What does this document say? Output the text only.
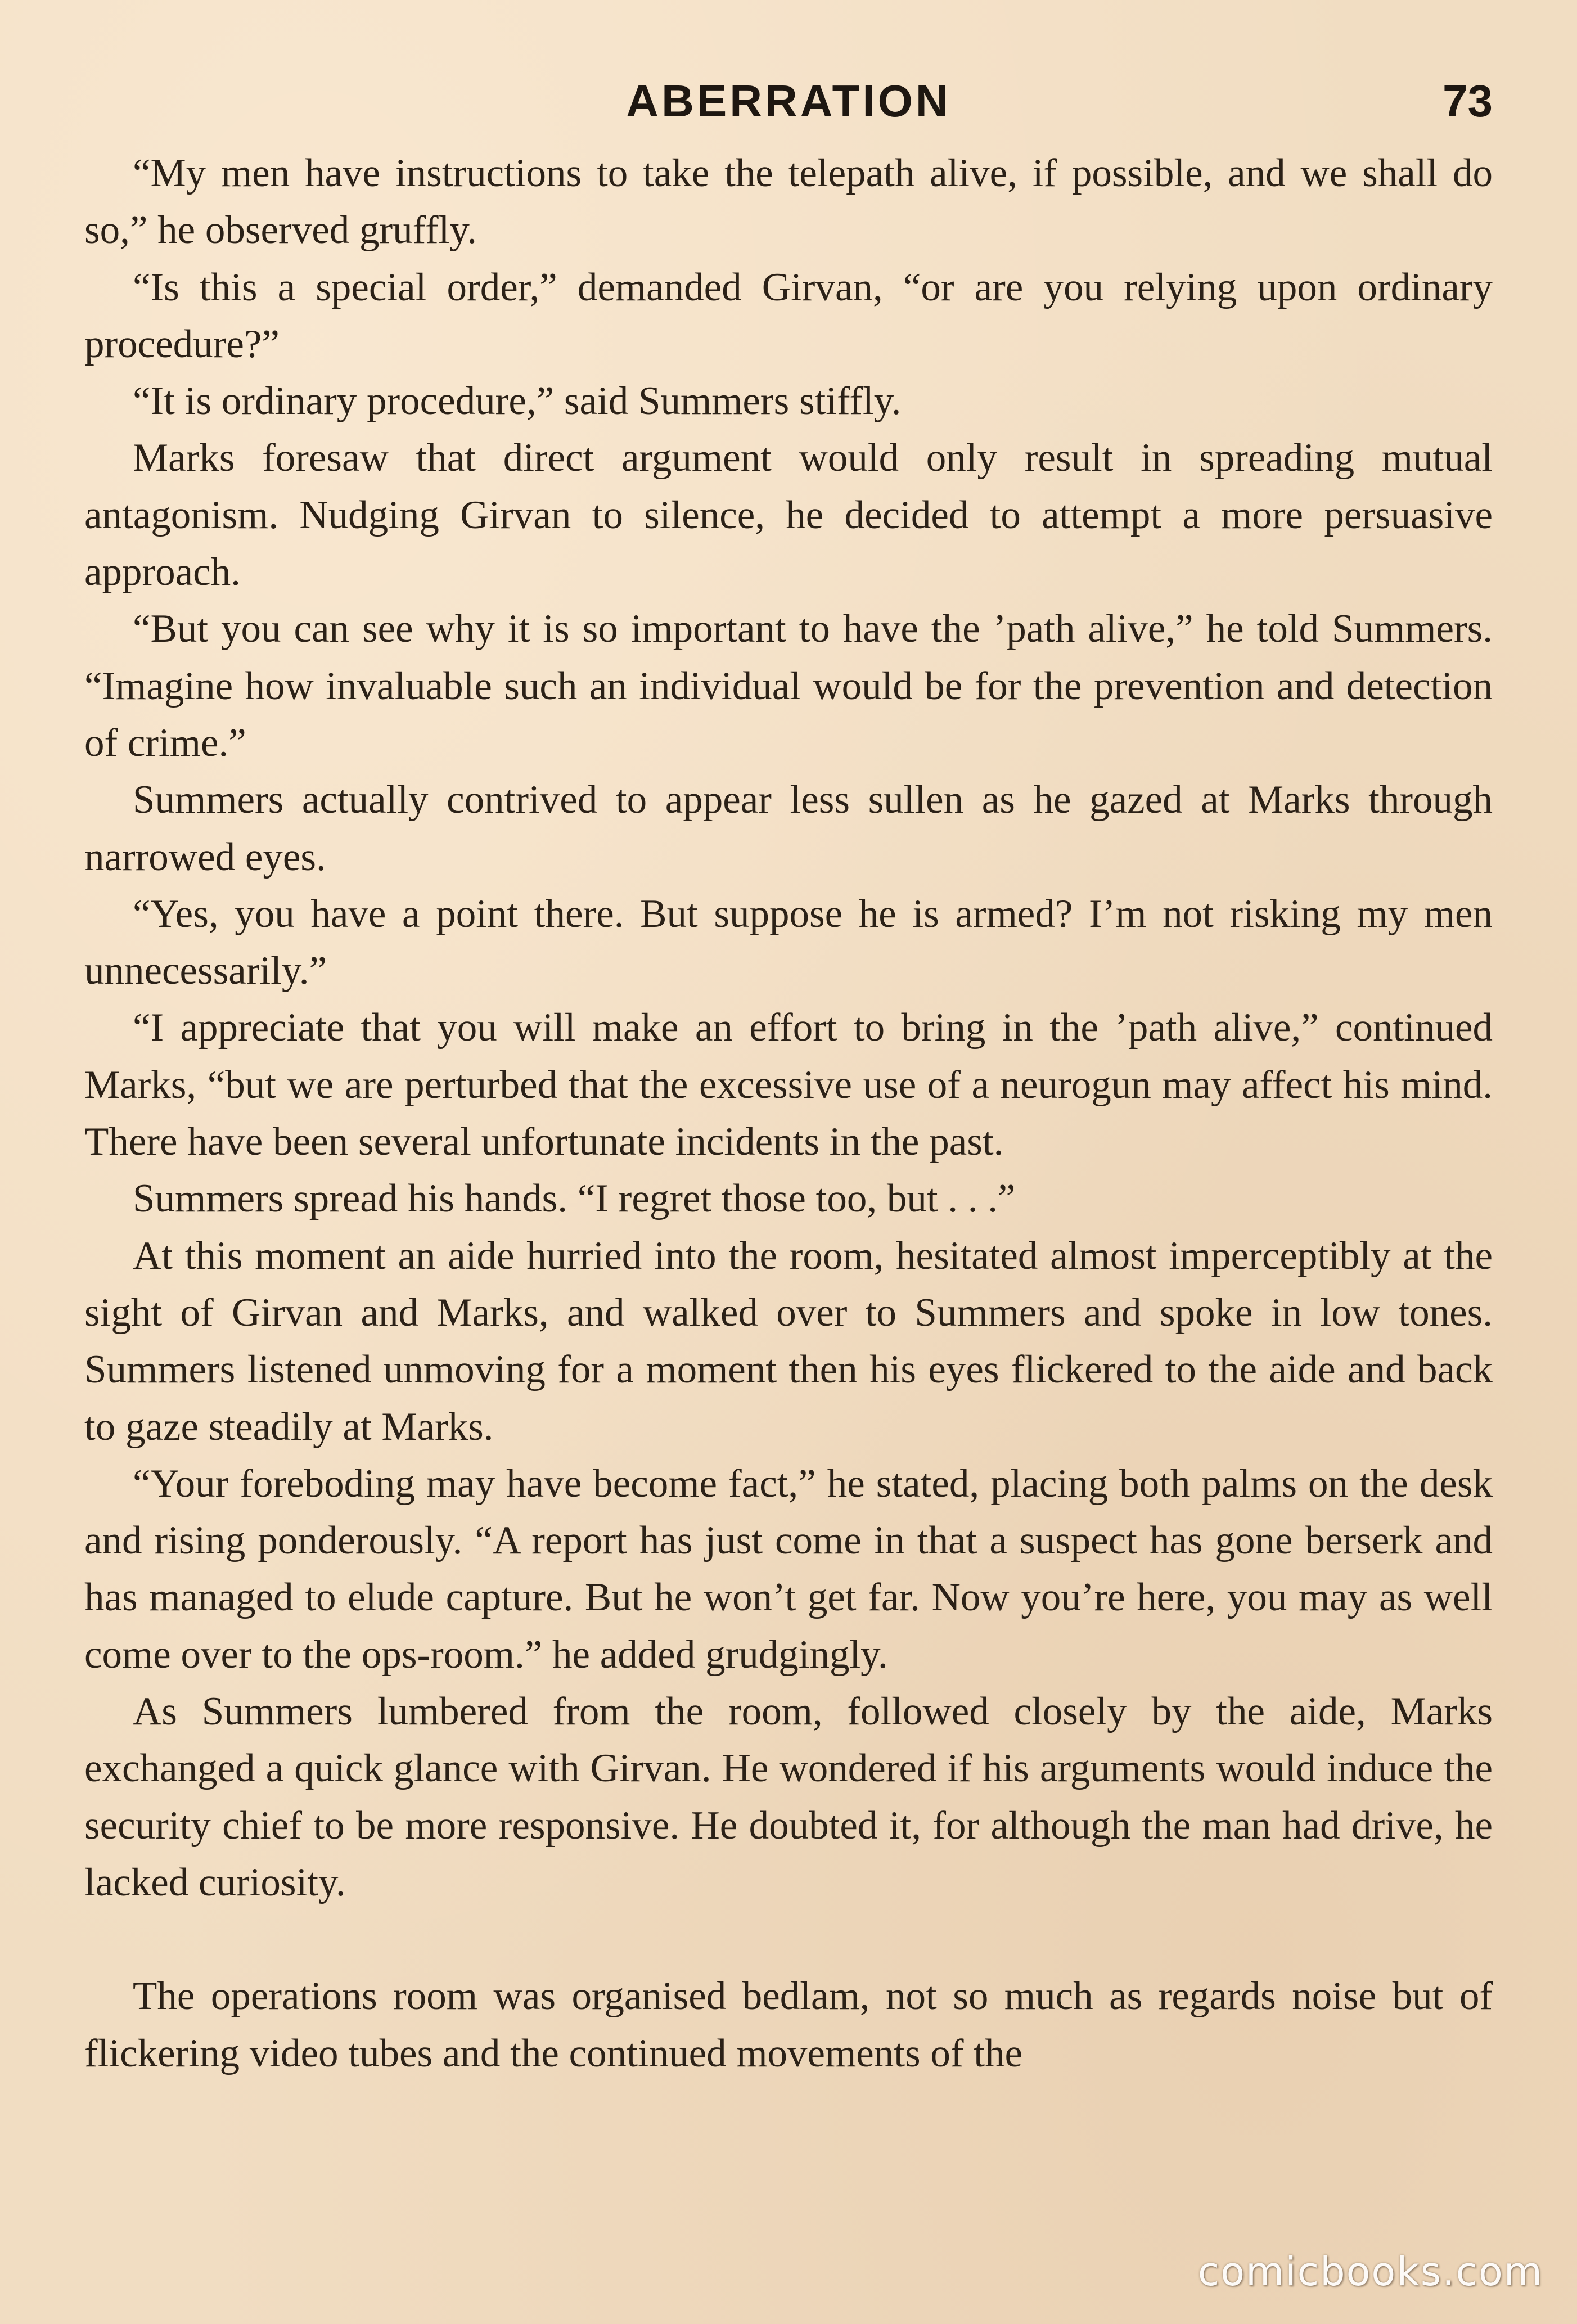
ABERRATION	73

“My men have instructions to take the telepath alive, if possible, and we shall do so,” he observed gruffly.

“Is this a special order,” demanded Girvan, “or are you relying upon ordinary procedure?”

“It is ordinary procedure,” said Summers stiffly.

Marks foresaw that direct argument would only result in spreading mutual antagonism. Nudging Girvan to silence, he decided to attempt a more persuasive approach.

“But you can see why it is so important to have the ’path alive,” he told Summers. “Imagine how invaluable such an individual would be for the prevention and detection of crime.”

Summers actually contrived to appear less sullen as he gazed at Marks through narrowed eyes.

“Yes, you have a point there. But suppose he is armed? I’m not risking my men unnecessarily.”

“I appreciate that you will make an effort to bring in the ’path alive,” continued Marks, “but we are perturbed that the excessive use of a neurogun may affect his mind. There have been several unfortunate incidents in the past.

Summers spread his hands. “I regret those too, but . . .”

At this moment an aide hurried into the room, hesitated almost imperceptibly at the sight of Girvan and Marks, and walked over to Summers and spoke in low tones. Summers listened unmoving for a moment then his eyes flickered to the aide and back to gaze steadily at Marks.

“Your foreboding may have become fact,” he stated, placing both palms on the desk and rising ponderously. “A report has just come in that a suspect has gone berserk and has managed to elude capture. But he won’t get far. Now you’re here, you may as well come over to the ops-room.” he added grudgingly.

As Summers lumbered from the room, followed closely by the aide, Marks exchanged a quick glance with Girvan. He wondered if his arguments would induce the security chief to be more responsive. He doubted it, for although the man had drive, he lacked curiosity.

The operations room was organised bedlam, not so much as regards noise but of flickering video tubes and the continued movements of the

comicbooks.com
